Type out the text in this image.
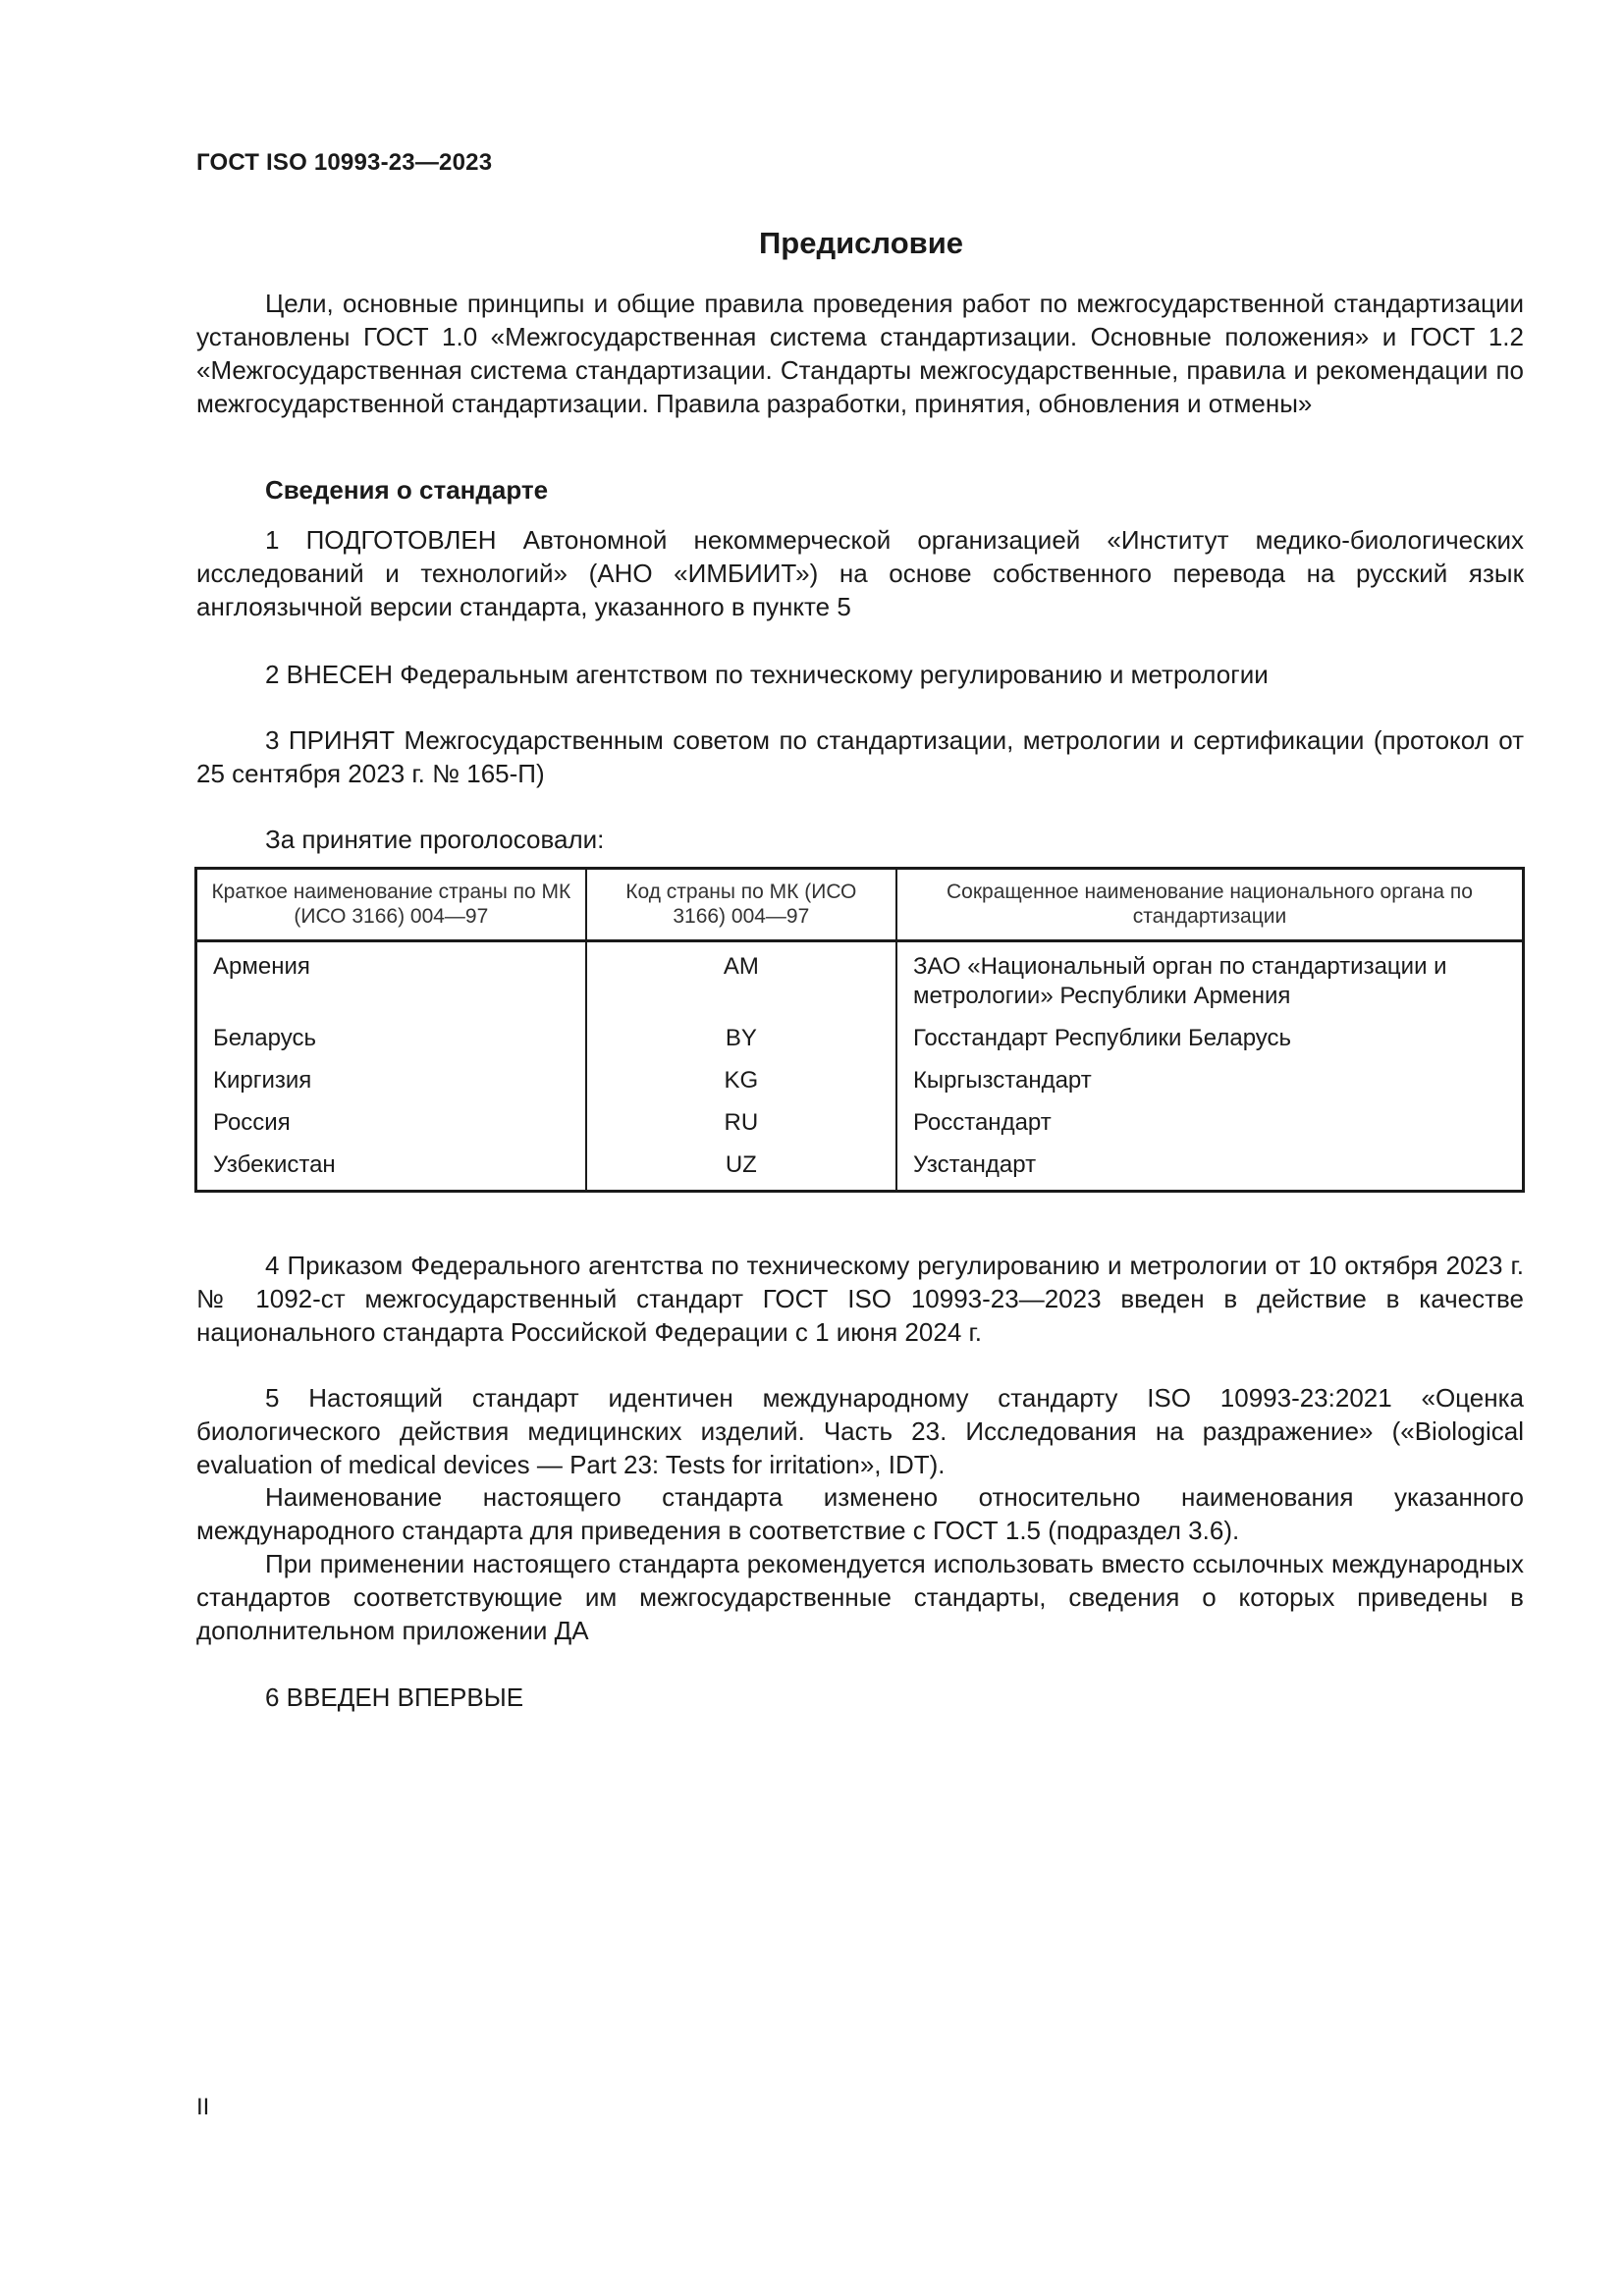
ГОСТ ISO 10993-23—2023
Предисловие
Цели, основные принципы и общие правила проведения работ по межгосударственной стандартизации установлены ГОСТ 1.0 «Межгосударственная система стандартизации. Основные положения» и ГОСТ 1.2 «Межгосударственная система стандартизации. Стандарты межгосударственные, правила и рекомендации по межгосударственной стандартизации. Правила разработки, принятия, обновления и отмены»
Сведения о стандарте
1 ПОДГОТОВЛЕН Автономной некоммерческой организацией «Институт медико-биологических исследований и технологий» (АНО «ИМБИИТ») на основе собственного перевода на русский язык англоязычной версии стандарта, указанного в пункте 5
2 ВНЕСЕН Федеральным агентством по техническому регулированию и метрологии
3 ПРИНЯТ Межгосударственным советом по стандартизации, метрологии и сертификации (протокол от 25 сентября 2023 г. № 165-П)
За принятие проголосовали:
Краткое наименование страны по МК (ИСО 3166) 004—97	Код страны по МК (ИСО 3166) 004—97	Сокращенное наименование национального органа по стандартизации
Армения	AM	ЗАО «Национальный орган по стандартизации и метрологии» Республики Армения
Беларусь	BY	Госстандарт Республики Беларусь
Киргизия	KG	Кыргызстандарт
Россия	RU	Росстандарт
Узбекистан	UZ	Узстандарт
4 Приказом Федерального агентства по техническому регулированию и метрологии от 10 октября 2023 г. № 1092-ст межгосударственный стандарт ГОСТ ISO 10993-23—2023 введен в действие в качестве национального стандарта Российской Федерации с 1 июня 2024 г.
5 Настоящий стандарт идентичен международному стандарту ISO 10993-23:2021 «Оценка биологического действия медицинских изделий. Часть 23. Исследования на раздражение» («Biological evaluation of medical devices — Part 23: Tests for irritation», IDT).
Наименование настоящего стандарта изменено относительно наименования указанного международного стандарта для приведения в соответствие с ГОСТ 1.5 (подраздел 3.6).
При применении настоящего стандарта рекомендуется использовать вместо ссылочных международных стандартов соответствующие им межгосударственные стандарты, сведения о которых приведены в дополнительном приложении ДА
6 ВВЕДЕН ВПЕРВЫЕ
II
